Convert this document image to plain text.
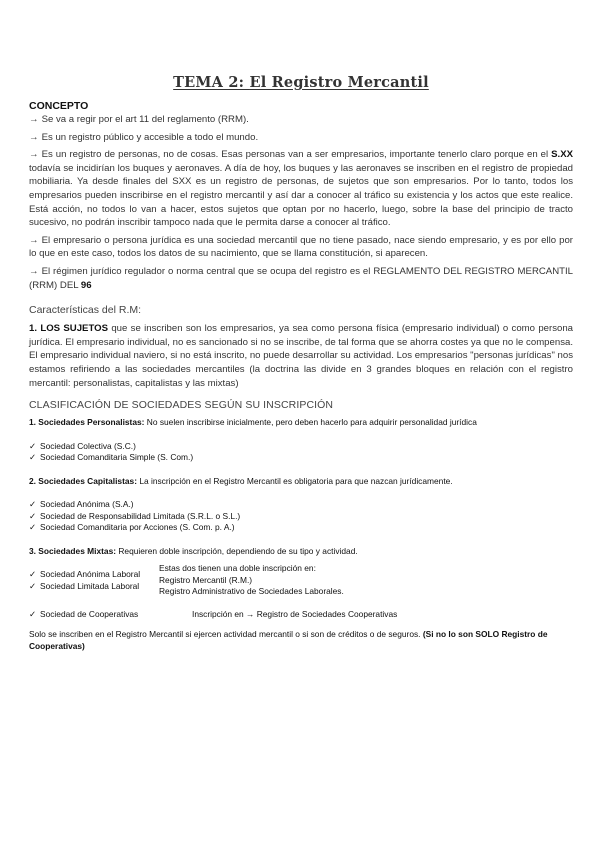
TEMA 2: El Registro Mercantil
CONCEPTO

→ Se va a regir por el art 11 del reglamento (RRM).

→ Es un registro público y accesible a todo el mundo.

→ Es un registro de personas, no de cosas. Esas personas van a ser empresarios, importante tenerlo claro porque en el S.XX todavía se incidirían los buques y aeronaves. A día de hoy, los buques y las aeronaves se inscriben en el registro de propiedad mobiliaria. Ya desde finales del SXX es un registro de personas, de sujetos que son empresarios. Por lo tanto, todos los empresarios pueden inscribirse en el registro mercantil y así dar a conocer al tráfico su existencia y los actos que este realice. Está acción, no todos lo van a hacer, estos sujetos que optan por no hacerlo, luego, sobre la base del principio de tracto sucesivo, no podrán inscribir tampoco nada que le permita darse a conocer al tráfico.

→ El empresario o persona jurídica es una sociedad mercantil que no tiene pasado, nace siendo empresario, y es por ello por lo que en este caso, todos los datos de su nacimiento, que se llama constitución, si aparecen.

→ El régimen jurídico regulador o norma central que se ocupa del registro es el REGLAMENTO DEL REGISTRO MERCANTIL (RRM) DEL 96

Características del R.M:

1. LOS SUJETOS que se inscriben son los empresarios, ya sea como persona física (empresario individual) o como persona jurídica. El empresario individual, no es sancionado si no se inscribe, de tal forma que se ahorra costes ya que no le compensa. El empresario individual naviero, si no está inscrito, no puede desarrollar su actividad. Los empresarios "personas jurídicas" nos estamos refiriendo a las sociedades mercantiles (la doctrina las divide en 3 grandes bloques en relación con el registro mercantil: personalistas, capitalistas y las mixtas)

CLASIFICACIÓN DE SOCIEDADES SEGÚN SU INSCRIPCIÓN

1. Sociedades Personalistas: No suelen inscribirse inicialmente, pero deben hacerlo para adquirir personalidad jurídica

✓ Sociedad Colectiva (S.C.)

✓ Sociedad Comanditaria Simple (S. Com.)

2. Sociedades Capitalistas: La inscripción en el Registro Mercantil es obligatoria para que nazcan jurídicamente.

✓ Sociedad Anónima (S.A.)

✓ Sociedad de Responsabilidad Limitada (S.R.L. o S.L.)

✓ Sociedad Comanditaria por Acciones (S. Com. p. A.)

3. Sociedades Mixtas: Requieren doble inscripción, dependiendo de su tipo y actividad.

✓ Sociedad Anónima Laboral

✓ Sociedad Limitada Laboral

Estas dos tienen una doble inscripción en:

Registro Mercantil (R.M.)

Registro Administrativo de Sociedades Laborales.

✓ Sociedad de Cooperativas	Inscripción en → Registro de Sociedades Cooperativas

Solo se inscriben en el Registro Mercantil si ejercen actividad mercantil o si son de créditos o de seguros. (Si no lo son SOLO Registro de Cooperativas)
